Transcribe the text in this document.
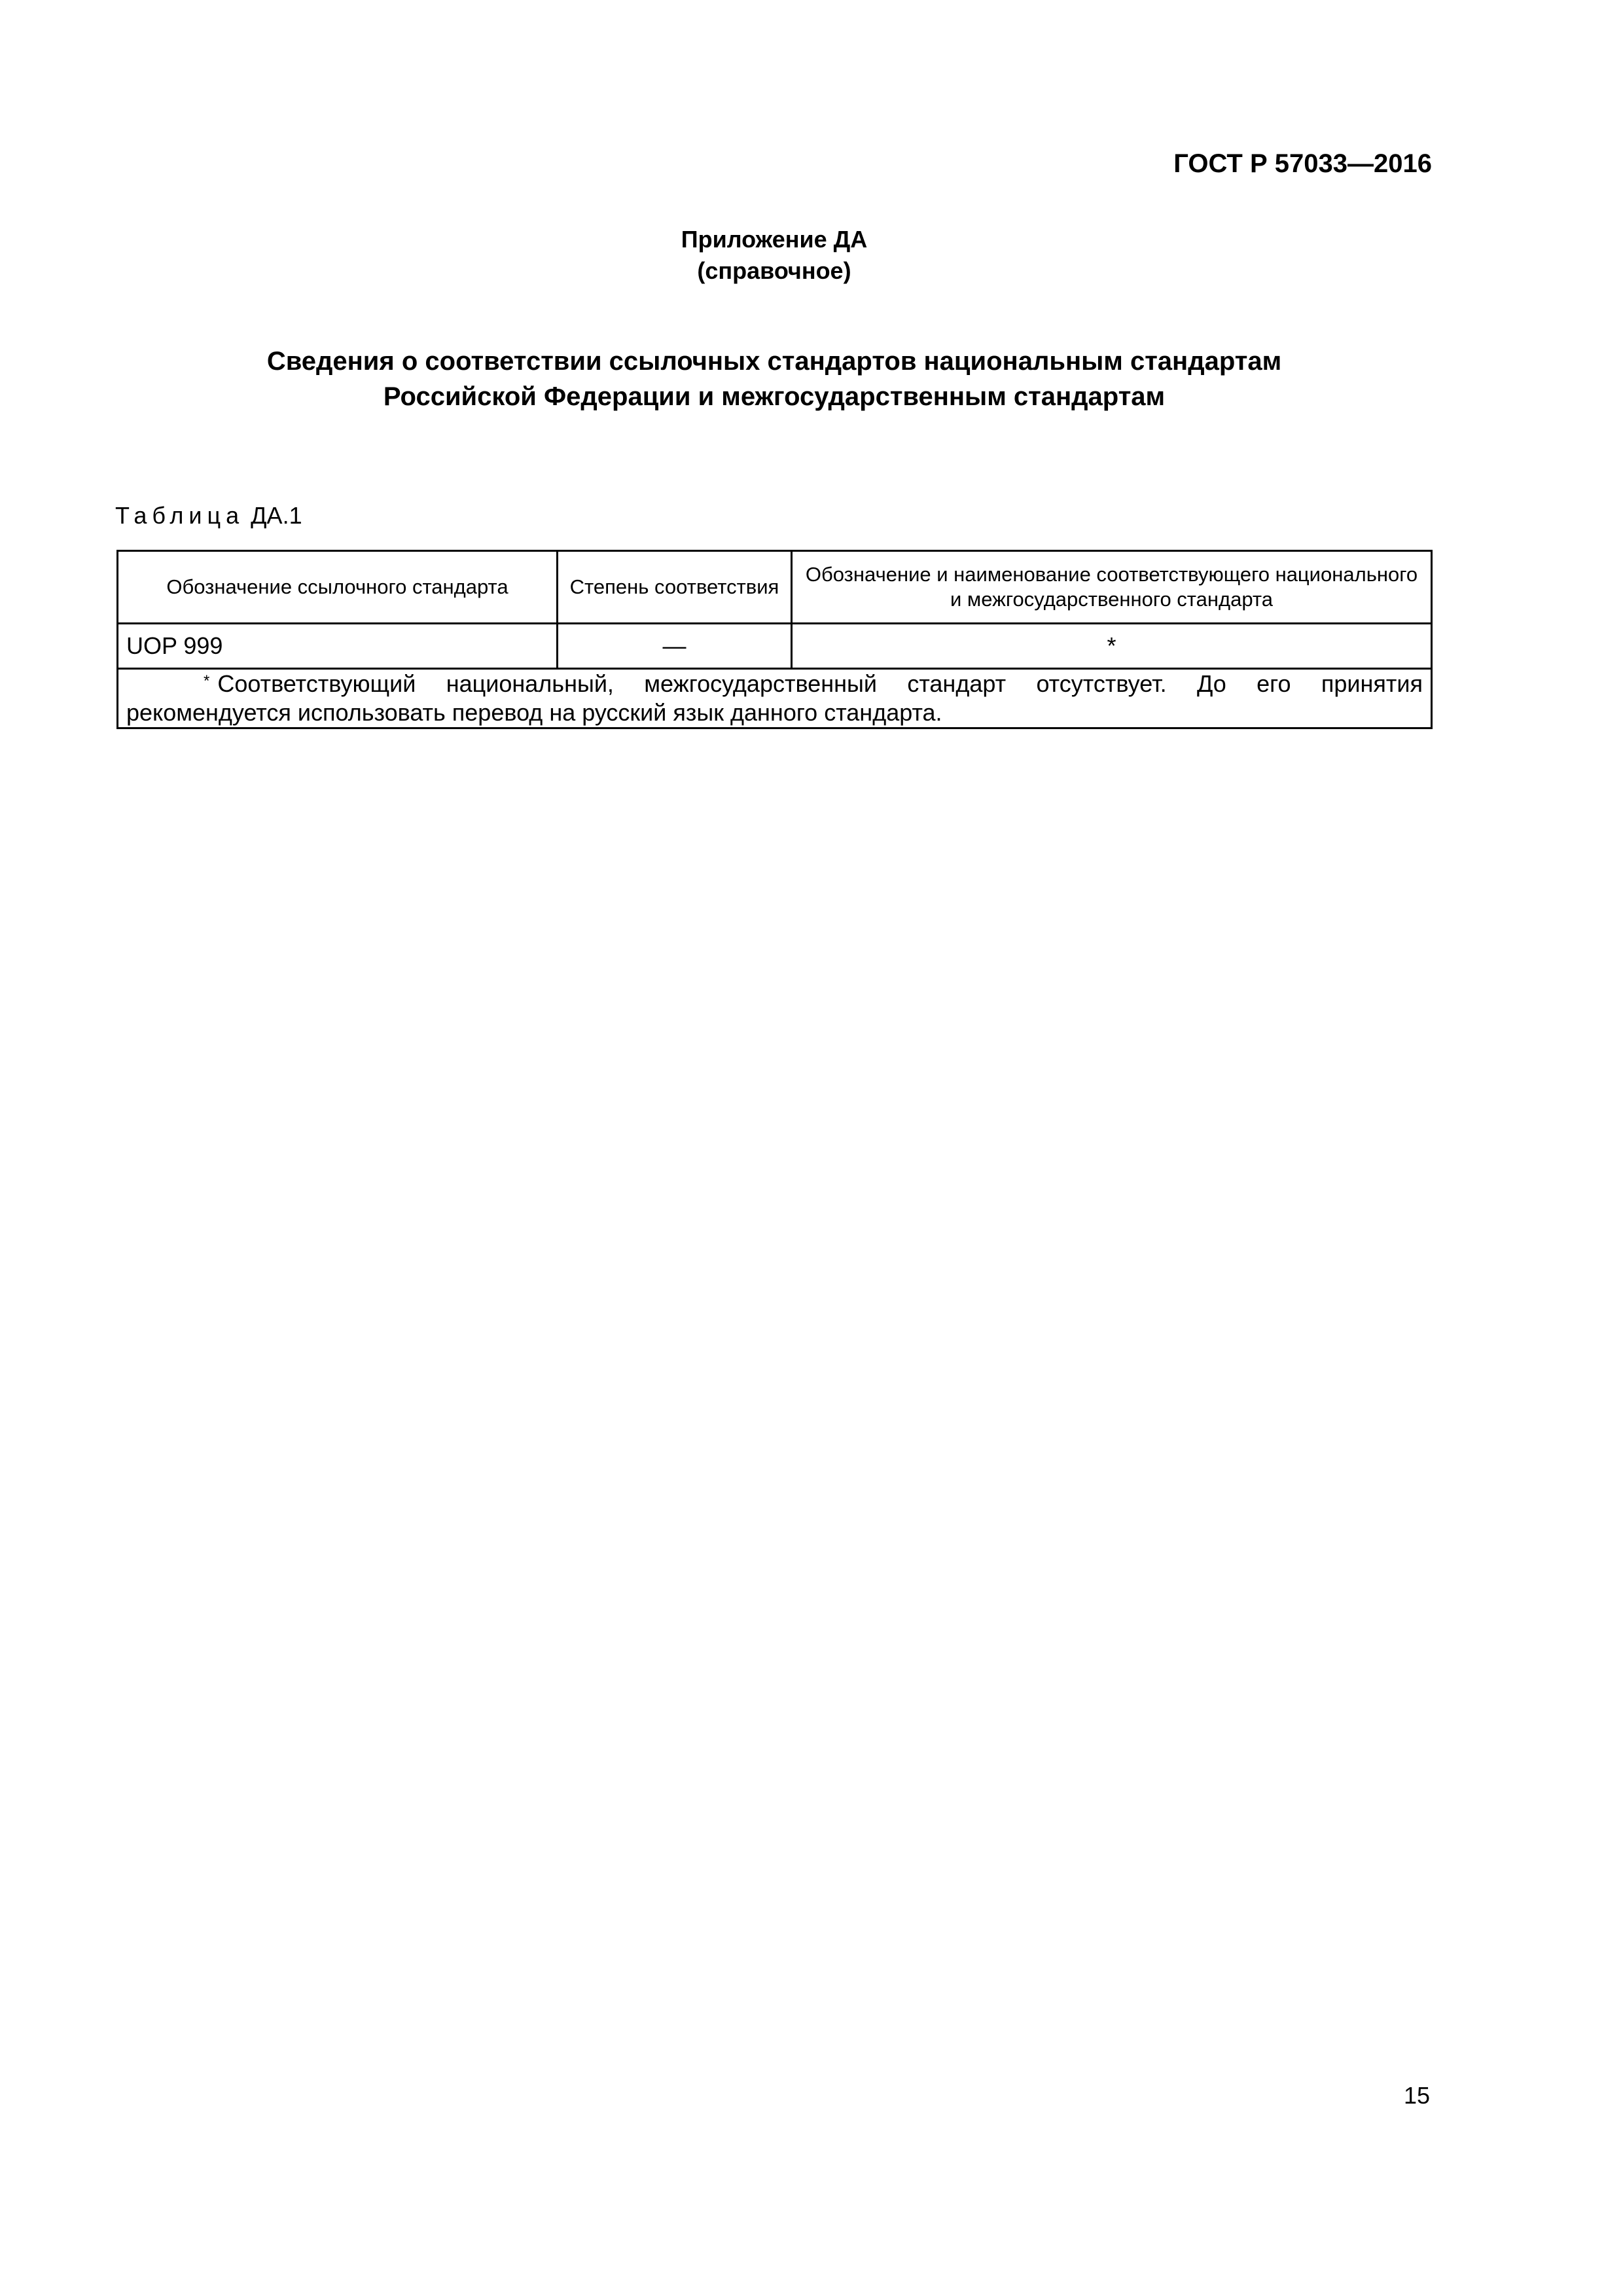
ГОСТ Р 57033—2016
Приложение ДА
(справочное)
Сведения о соответствии ссылочных стандартов национальным стандартам
Российской Федерации и межгосударственным стандартам
Таблица ДА.1
Обозначение ссылочного стандарта	Степень соответствия	Обозначение и наименование соответствующего национального и межгосударственного стандарта
UOP 999	—	*
* Соответствующий национальный, межгосударственный стандарт отсутствует. До его принятия рекомендуется использовать перевод на русский язык данного стандарта.		
15
